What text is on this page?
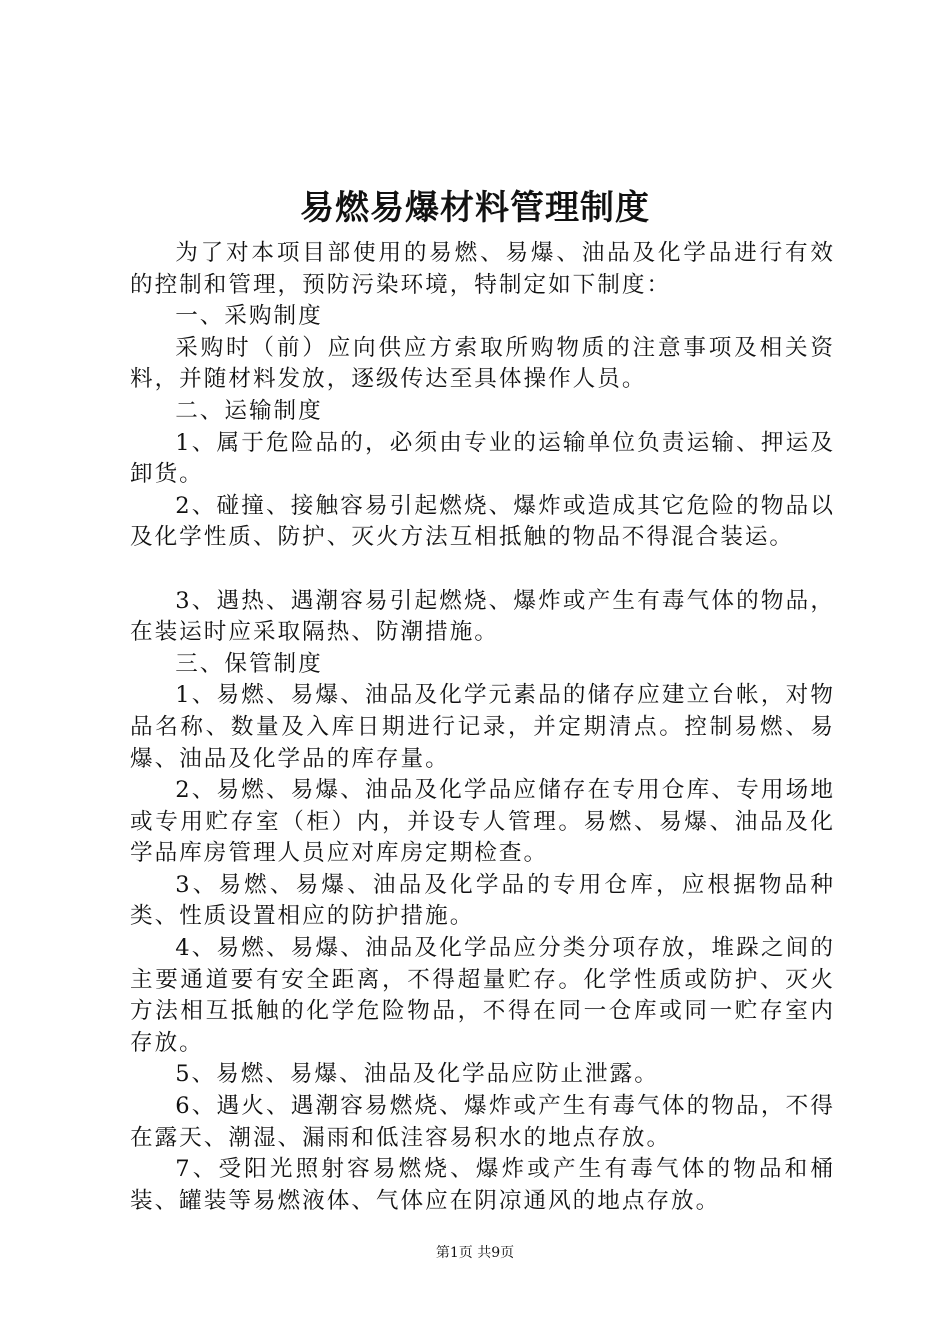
易燃易爆材料管理制度

为了对本项目部使用的易燃、易爆、油品及化学品进行有效的控制和管理，预防污染环境，特制定如下制度：

一、采购制度

采购时（前）应向供应方索取所购物质的注意事项及相关资料，并随材料发放，逐级传达至具体操作人员。

二、运输制度

1、属于危险品的，必须由专业的运输单位负责运输、押运及卸货。

2、碰撞、接触容易引起燃烧、爆炸或造成其它危险的物品以及化学性质、防护、灭火方法互相抵触的物品不得混合装运。

3、遇热、遇潮容易引起燃烧、爆炸或产生有毒气体的物品，在装运时应采取隔热、防潮措施。

三、保管制度

1、易燃、易爆、油品及化学元素品的储存应建立台帐，对物品名称、数量及入库日期进行记录，并定期清点。控制易燃、易爆、油品及化学品的库存量。

2、易燃、易爆、油品及化学品应储存在专用仓库、专用场地或专用贮存室（柜）内，并设专人管理。易燃、易爆、油品及化学品库房管理人员应对库房定期检查。

3、易燃、易爆、油品及化学品的专用仓库，应根据物品种类、性质设置相应的防护措施。

4、易燃、易爆、油品及化学品应分类分项存放，堆跺之间的主要通道要有安全距离，不得超量贮存。化学性质或防护、灭火方法相互抵触的化学危险物品，不得在同一仓库或同一贮存室内存放。

5、易燃、易爆、油品及化学品应防止泄露。

6、遇火、遇潮容易燃烧、爆炸或产生有毒气体的物品，不得在露天、潮湿、漏雨和低洼容易积水的地点存放。

7、受阳光照射容易燃烧、爆炸或产生有毒气体的物品和桶装、罐装等易燃液体、气体应在阴凉通风的地点存放。

第1页 共9页
